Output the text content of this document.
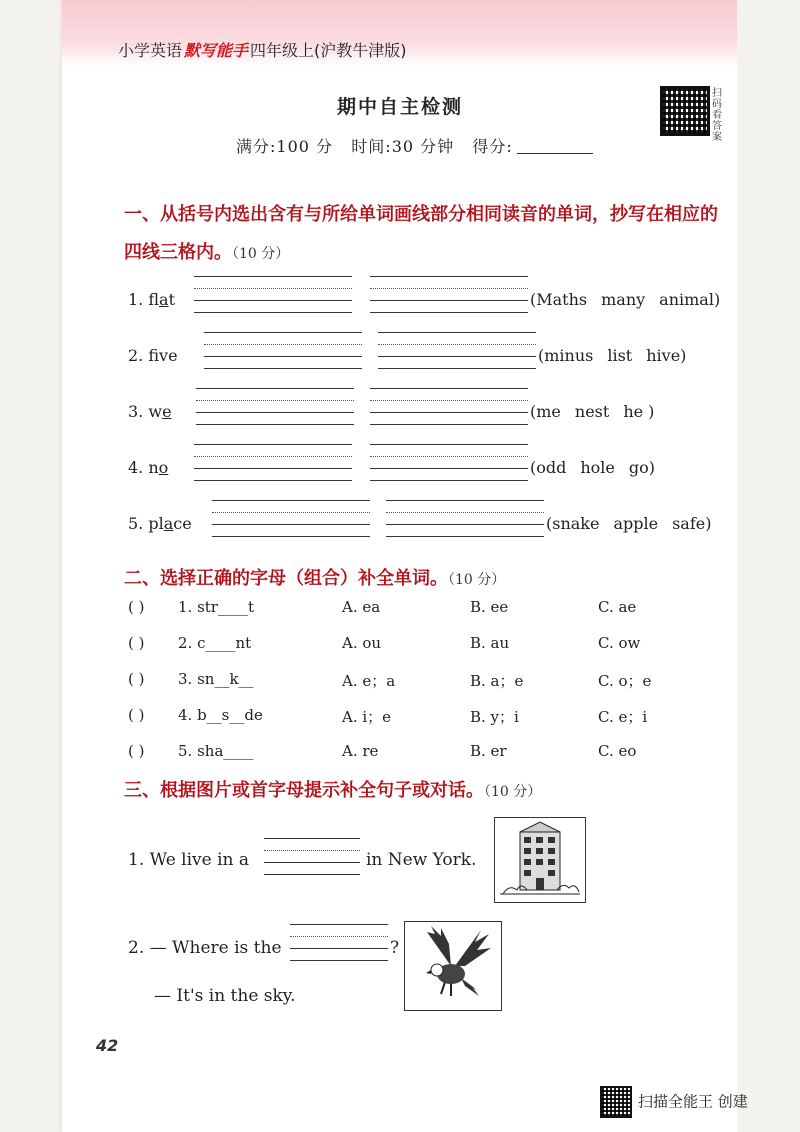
小学英语 默写能手 四年级上(沪教牛津版)
扫码看答案
期中自主检测
满分:100 分 时间:30 分钟 得分:
一、从括号内选出含有与所给单词画线部分相同读音的单词，抄写在相应的四线三格内。（10 分）
1. flat	(Maths many animal)
2. fve	(minus list hive)
3. we	(me nest he )
4. no	(odd hole go)
5. place	(snake apple safe)
二、选择正确的字母（组合）补全单词。（10 分）
( ) 1. str____t	A. ea	B. ee	C. ae
( ) 2. c____nt	A. ou	B. au	C. ow
( ) 3. sn__k__	A. e；a	B. a；e	C. o；e
( ) 4. b__s__de	A. i；e	B. y；i	C. e；i
( ) 5. sha____	A. re	B. er	C. eo
三、根据图片或首字母提示补全句子或对话。（10 分）
1. We live in a	in New York.
2. — Where is the	?
— It's in the sky.
42
扫描全能王 创建
